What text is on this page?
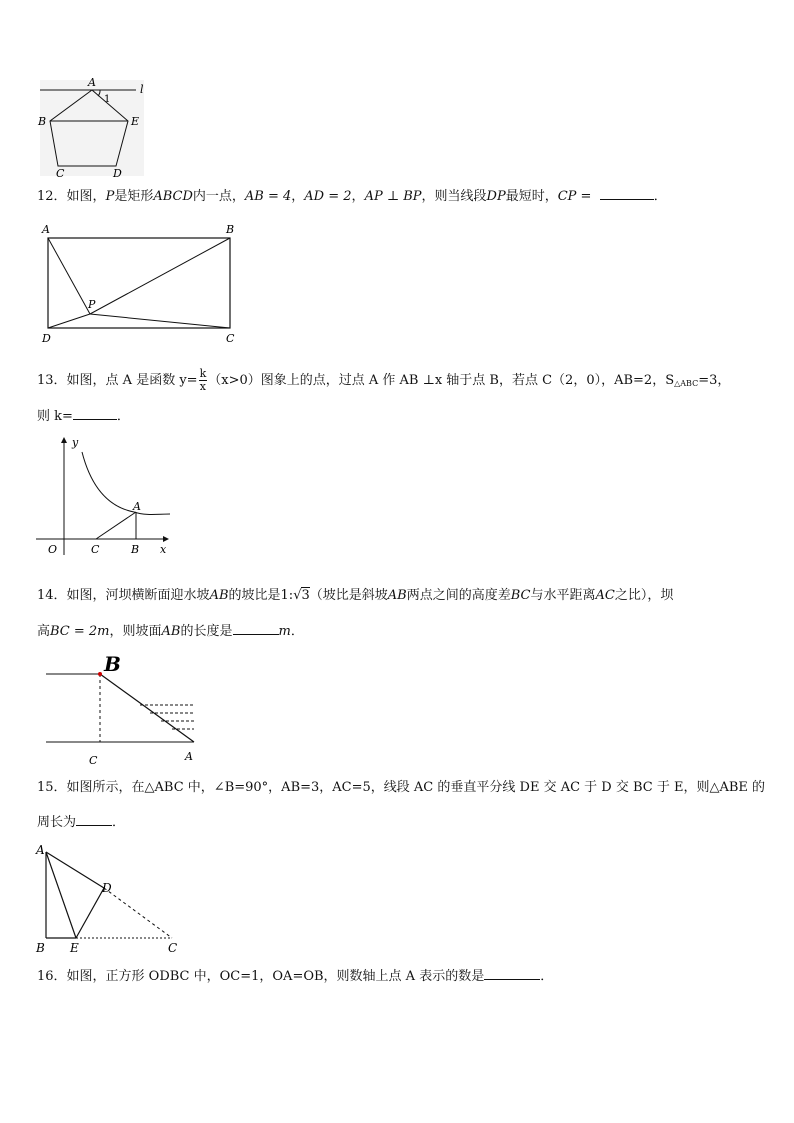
A
l
1
B	E
C	D
12．如图，P是矩形ABCD内一点，AB = 4，AD = 2，AP ⊥ BP，则当线段DP最短时，CP =	．
A	B
P
D	C
13．如图，点 A 是函数 $y= \frac{k}{x} (x>0)$图象上的点，过点 A 作 AB ⊥x 轴于点 B，若点 C（2，0），AB=2，$S_{\triangle ABC}=3$，
则 k=	．
y
A
O	C	B x
14．如图，河坝横断面迎水坡AB的坡比是1:√3（坡比是斜坡AB两点之间的高度差BC与水平距离AC之比），坝
高BC = 2m，则坡面AB的长度是	m．
B
C	A
15．如图所示，在△ABC 中，∠B=90°，AB=3，AC=5，线段 AC 的垂直平分线 DE 交 AC 于 D 交 BC 于 E，则△ABE 的
周长为	．
A
D
B E	C
16．如图，正方形 ODBC 中，OC=1，OA=OB，则数轴上点 A 表示的数是	．
